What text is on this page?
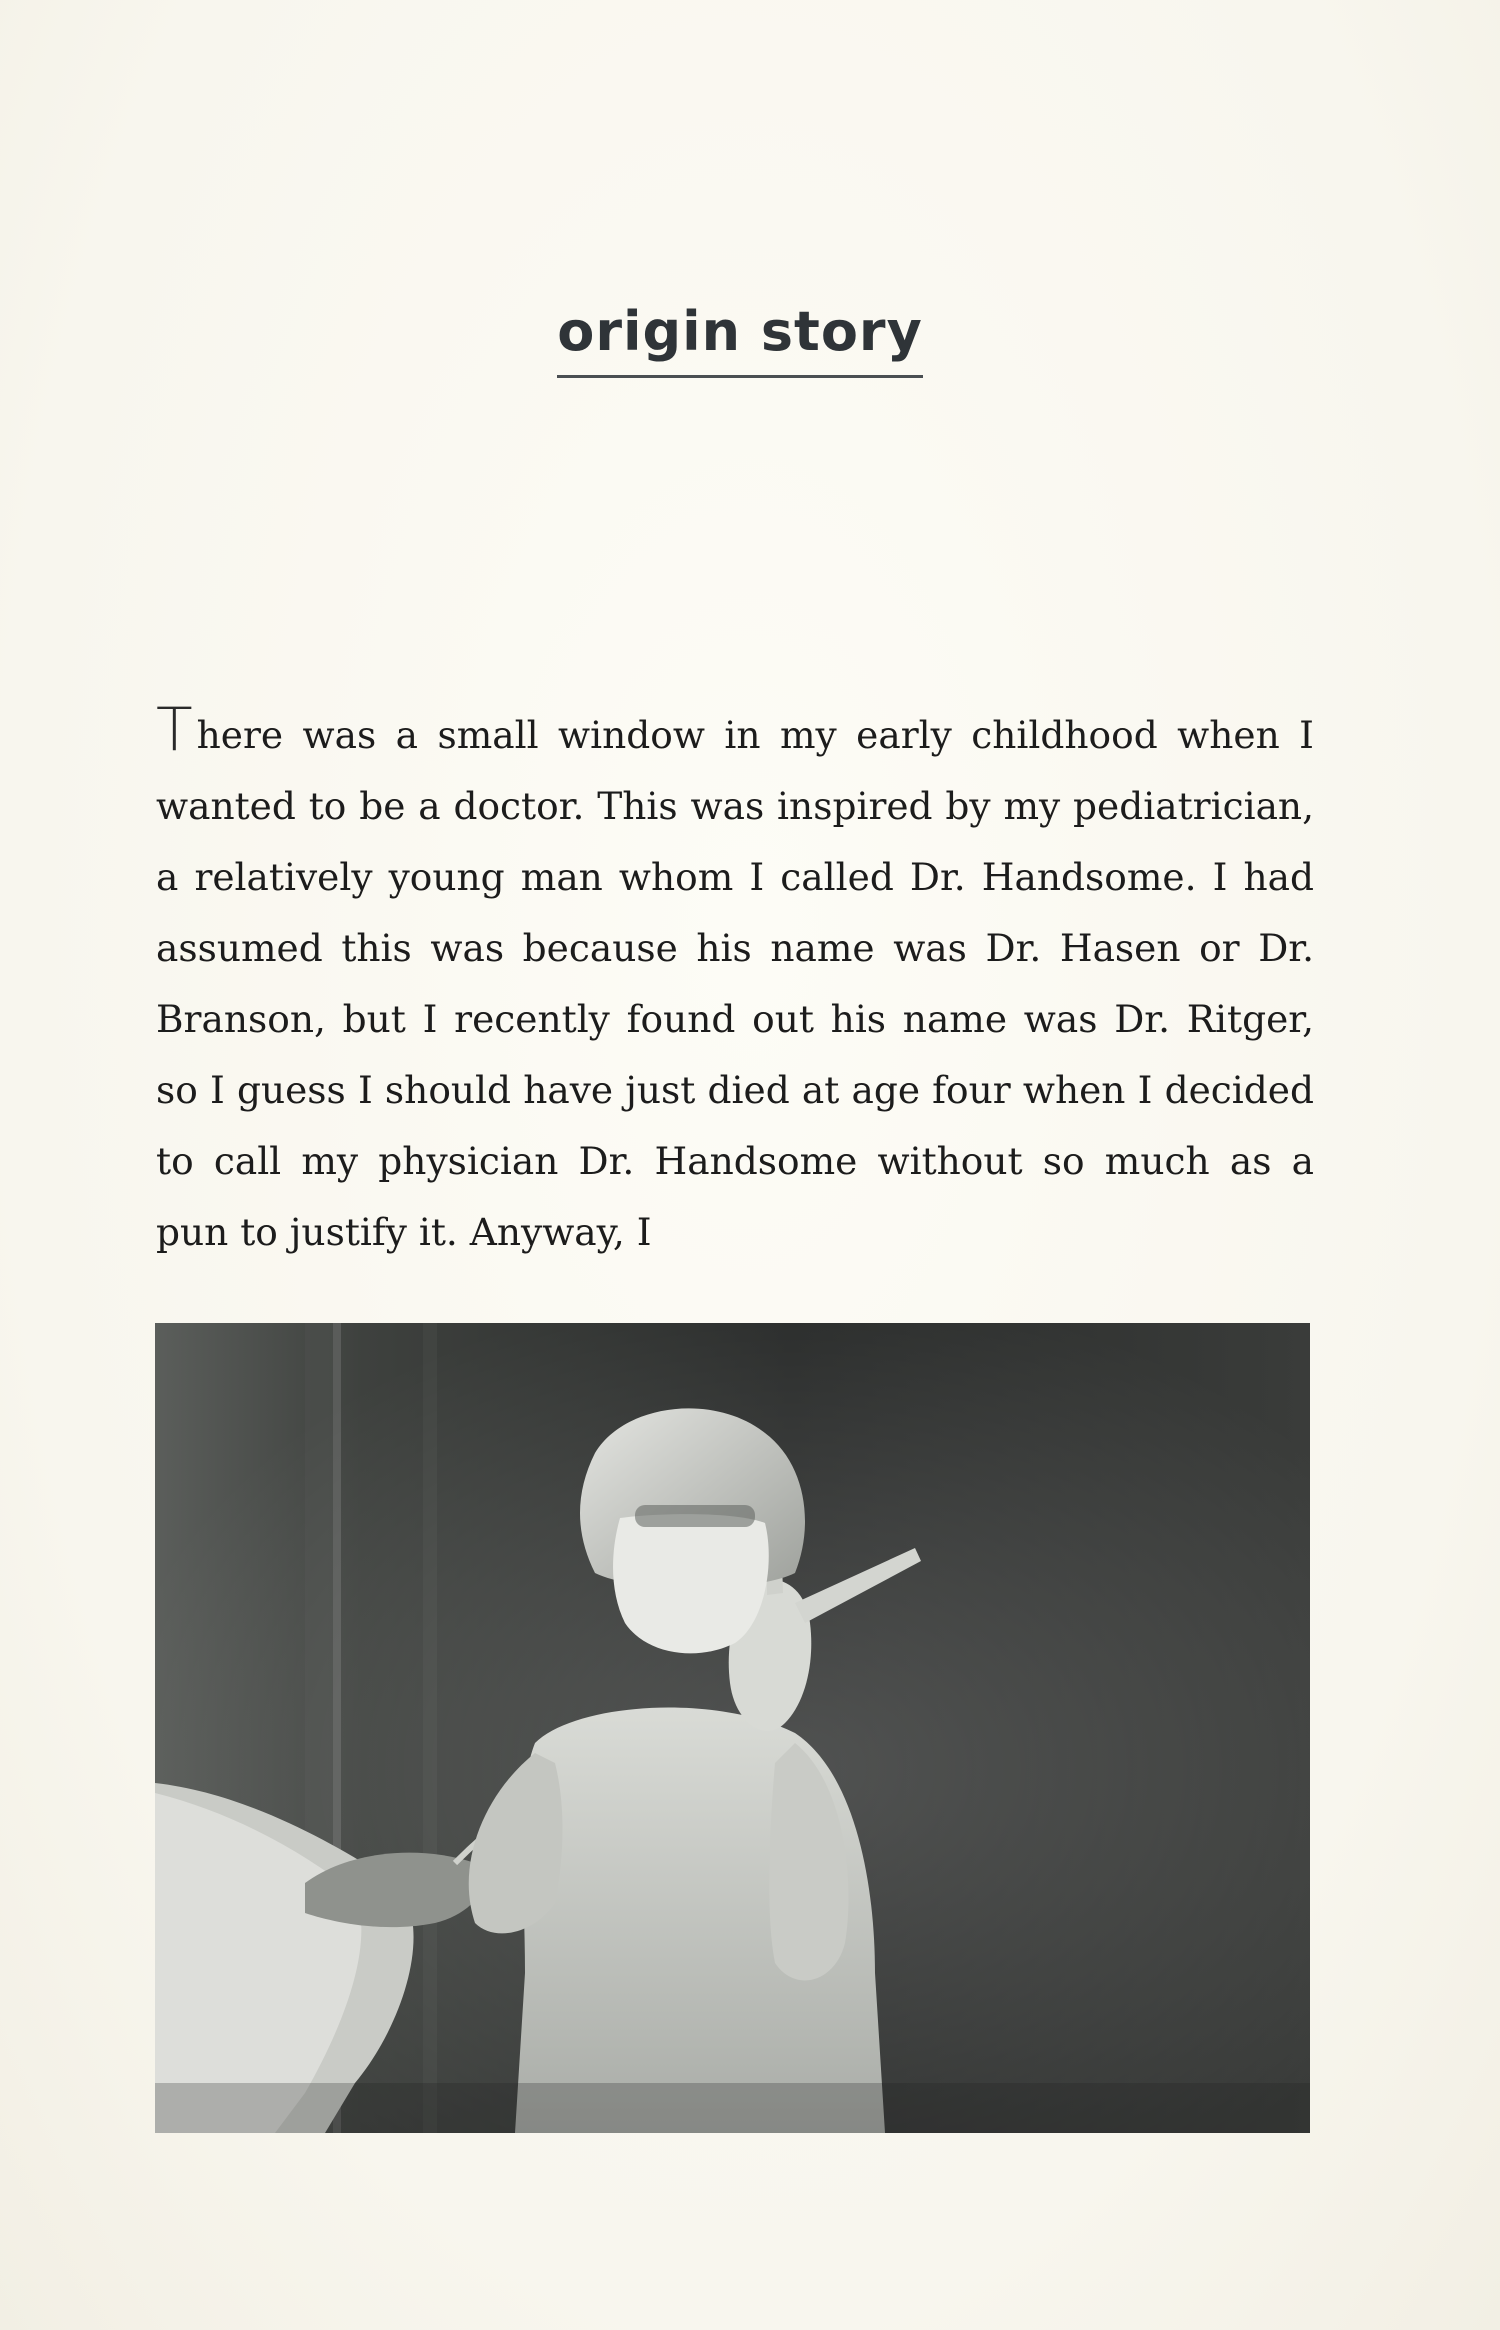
origin story
There was a small window in my early childhood when I wanted to be a doctor. This was inspired by my pediatrician, a relatively young man whom I called Dr. Handsome. I had assumed this was because his name was Dr. Hasen or Dr. Branson, but I recently found out his name was Dr. Ritger, so I guess I should have just died at age four when I decided to call my physician Dr. Handsome without so much as a pun to justify it. Anyway, I
